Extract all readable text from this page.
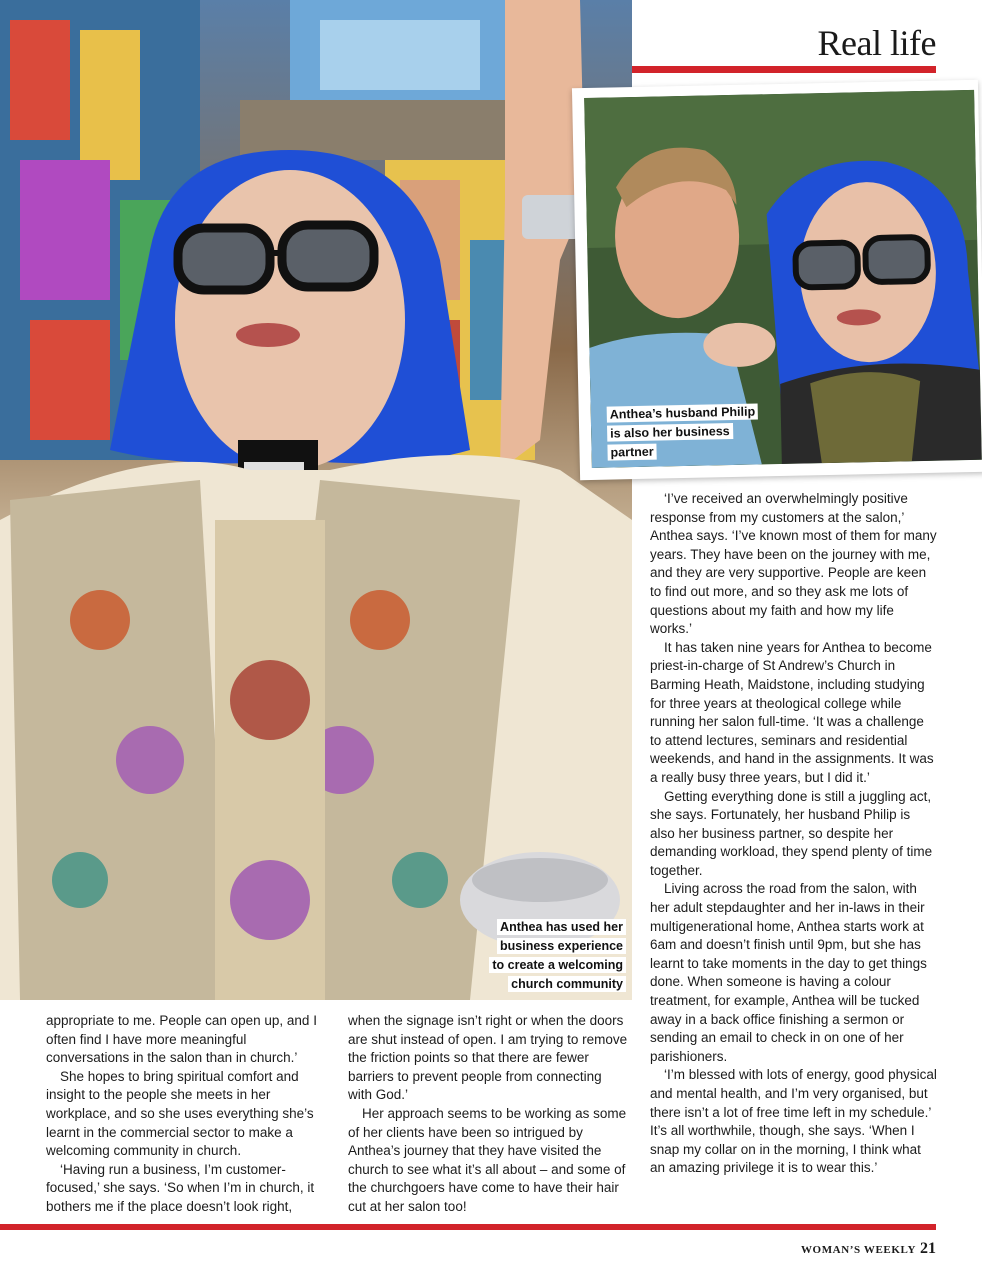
Real life
Anthea’s husband Philip is also her business partner
Anthea has used her business experience to create a welcoming church community

appropriate to me. People can open up, and I often find I have more meaningful conversations in the salon than in church.’

She hopes to bring spiritual comfort and insight to the people she meets in her workplace, and so she uses everything she’s learnt in the commercial sector to make a welcoming community in church.

‘Having run a business, I’m customer-focused,’ she says. ‘So when I’m in church, it bothers me if the place doesn’t look right,

when the signage isn’t right or when the doors are shut instead of open. I am trying to remove the friction points so that there are fewer barriers to prevent people from connecting with God.’

Her approach seems to be working as some of her clients have been so intrigued by Anthea’s journey that they have visited the church to see what it’s all about – and some of the churchgoers have come to have their hair cut at her salon too!

‘I’ve received an overwhelmingly positive response from my customers at the salon,’ Anthea says. ‘I’ve known most of them for many years. They have been on the journey with me, and they are very supportive. People are keen to find out more, and so they ask me lots of questions about my faith and how my life works.’

It has taken nine years for Anthea to become priest-in-charge of St Andrew’s Church in Barming Heath, Maidstone, including studying for three years at theological college while running her salon full-time. ‘It was a challenge to attend lectures, seminars and residential weekends, and hand in the assignments. It was a really busy three years, but I did it.’

Getting everything done is still a juggling act, she says. Fortunately, her husband Philip is also her business partner, so despite her demanding workload, they spend plenty of time together.

Living across the road from the salon, with her adult stepdaughter and her in-laws in their multigenerational home, Anthea starts work at 6am and doesn’t finish until 9pm, but she has learnt to take moments in the day to get things done. When someone is having a colour treatment, for example, Anthea will be tucked away in a back office finishing a sermon or sending an email to check in on one of her parishioners.

‘I’m blessed with lots of energy, good physical and mental health, and I’m very organised, but there isn’t a lot of free time left in my schedule.’ It’s all worthwhile, though, she says. ‘When I snap my collar on in the morning, I think what an amazing privilege it is to wear this.’

WOMAN’S WEEKLY 21
